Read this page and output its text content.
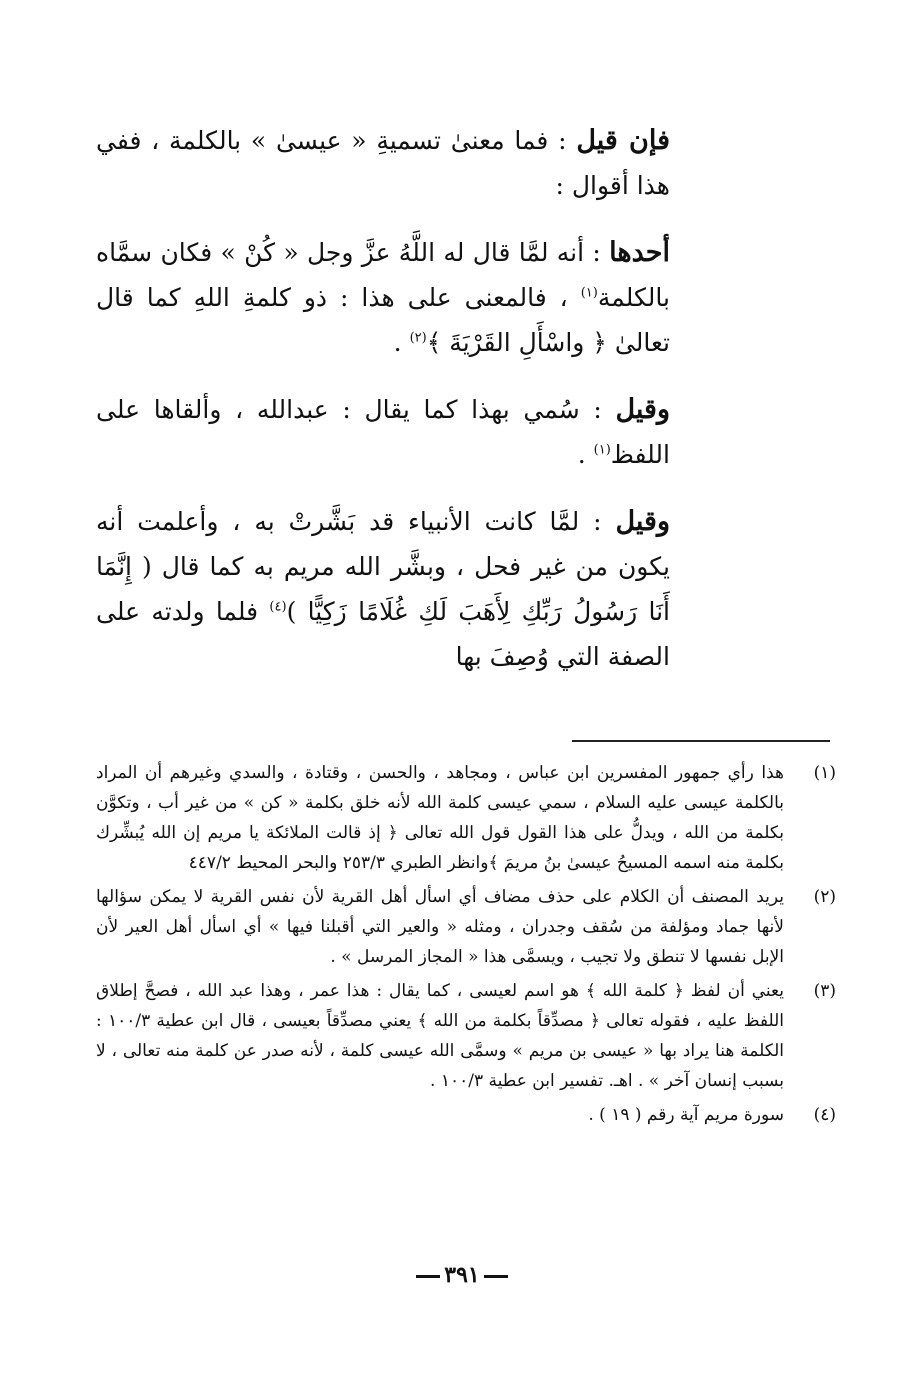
فإن قيل : فما معنىٰ تسميةِ « عيسىٰ » بالكلمة ، ففي هذا أقوال :

أحدها : أنه لمَّا قال له اللَّهُ عزَّ وجل « كُنْ » فكان سمَّاه بالكلمة$^{(١)}$ ، فالمعنى على هذا : ذو كلمةِ اللهِ كما قال تعالىٰ ﴿ واسْأَلِ القَرْيَةَ ﴾$^{(٢)}$ .

وقيل : سُمي بهذا كما يقال : عبدالله ، وألقاها على اللفظ$^{(١)}$ .

وقيل : لمَّا كانت الأنبياء قد بَشَّرتْ به ، وأعلمت أنه يكون من غير فحل ، وبشَّر الله مريم به كما قال ( إِنَّمَا أَنَا رَسُولُ رَبِّكِ لِأَهَبَ لَكِ غُلَامًا زَكِيًّا )$^{(٤)}$ فلما ولدته على الصفة التي وُصِفَ بها

(١)
هذا رأي جمهور المفسرين ابن عباس ، ومجاهد ، والحسن ، وقتادة ، والسدي وغيرهم أن المراد بالكلمة عيسى عليه السلام ، سمي عيسى كلمة الله لأنه خلق بكلمة « كن » من غير أب ، وتكوَّن بكلمة من الله ، ويدلُّ على هذا القول قول الله تعالى ﴿ إذ قالت الملائكة يا مريم إن الله يُبشِّرك بكلمة منه اسمه المسيحُ عيسىٰ بنُ مريمَ ﴾وانظر الطبري ٢٥٣/٣ والبحر المحيط ٤٤٧/٢
(٢)
يريد المصنف أن الكلام على حذف مضاف أي اسأل أهل القرية لأن نفس القرية لا يمكن سؤالها لأنها جماد ومؤلفة من سُقف وجدران ، ومثله « والعير التي أقبلنا فيها » أي اسأل أهل العير لأن الإبل نفسها لا تنطق ولا تجيب ، ويسمَّى هذا « المجاز المرسل » .
(٣)
يعني أن لفظ ﴿ كلمة الله ﴾ هو اسم لعيسى ، كما يقال : هذا عمر ، وهذا عبد الله ، فصحَّ إطلاق اللفظ عليه ، فقوله تعالى ﴿ مصدِّقاً بكلمة من الله ﴾ يعني مصدِّقاً بعيسى ، قال ابن عطية ١٠٠/٣ : الكلمة هنا يراد بها « عيسى بن مريم » وسمَّى الله عيسى كلمة ، لأنه صدر عن كلمة منه تعالى ، لا بسبب إنسان آخر » . اهـ. تفسير ابن عطية ١٠٠/٣ .
(٤)
سورة مريم آية رقم ( ١٩ ) .
٣٩١
